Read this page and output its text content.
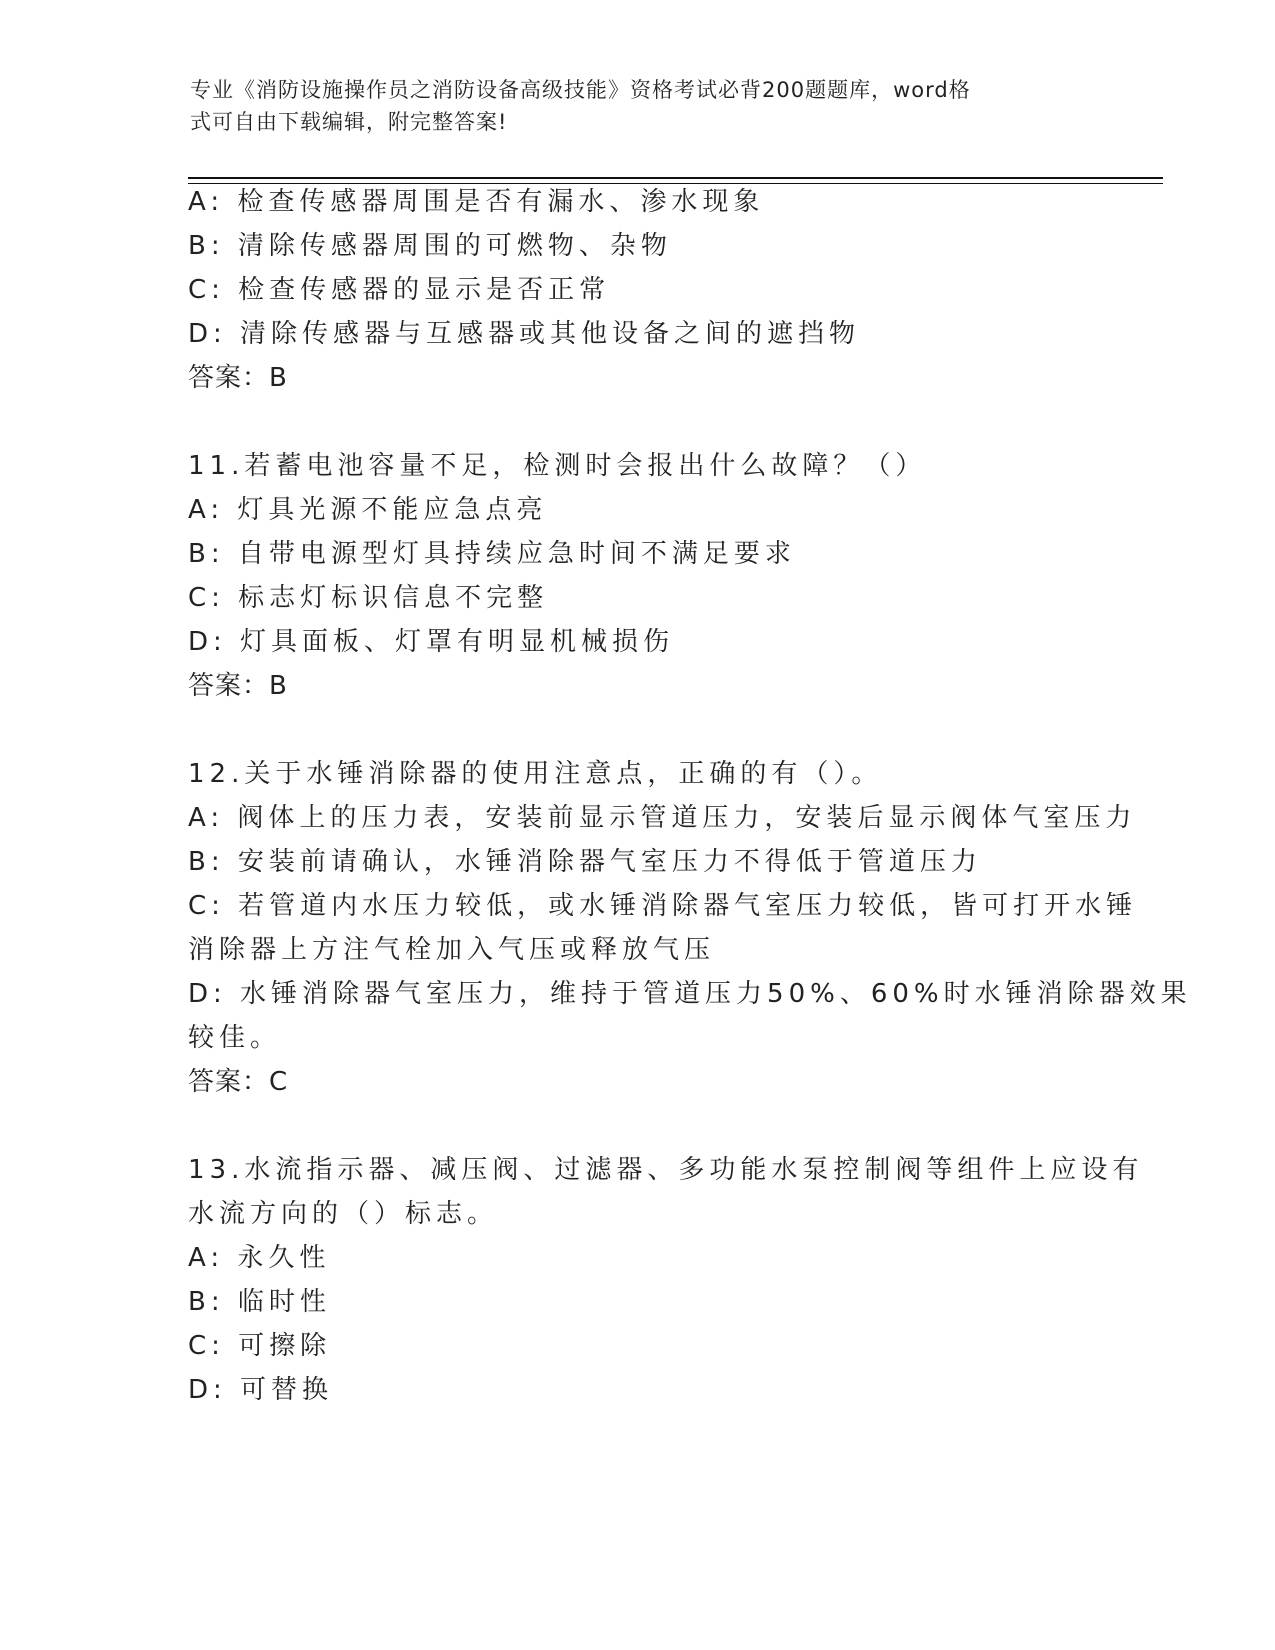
专业《消防设施操作员之消防设备高级技能》资格考试必背200题题库，word格
式可自由下载编辑，附完整答案!
A: 检查传感器周围是否有漏水、渗水现象
B: 清除传感器周围的可燃物、杂物
C: 检查传感器的显示是否正常
D: 清除传感器与互感器或其他设备之间的遮挡物
答案：B
11.若蓄电池容量不足，检测时会报出什么故障？（）
A: 灯具光源不能应急点亮
B: 自带电源型灯具持续应急时间不满足要求
C: 标志灯标识信息不完整
D: 灯具面板、灯罩有明显机械损伤
答案：B
12.关于水锤消除器的使用注意点，正确的有（）。
A: 阀体上的压力表，安装前显示管道压力，安装后显示阀体气室压力
B: 安装前请确认，水锤消除器气室压力不得低于管道压力
C: 若管道内水压力较低，或水锤消除器气室压力较低，皆可打开水锤
消除器上方注气栓加入气压或释放气压
D: 水锤消除器气室压力，维持于管道压力50%、60%时水锤消除器效果
较佳。
答案：C
13.水流指示器、减压阀、过滤器、多功能水泵控制阀等组件上应设有
水流方向的（）标志。
A: 永久性
B: 临时性
C: 可擦除
D: 可替换
